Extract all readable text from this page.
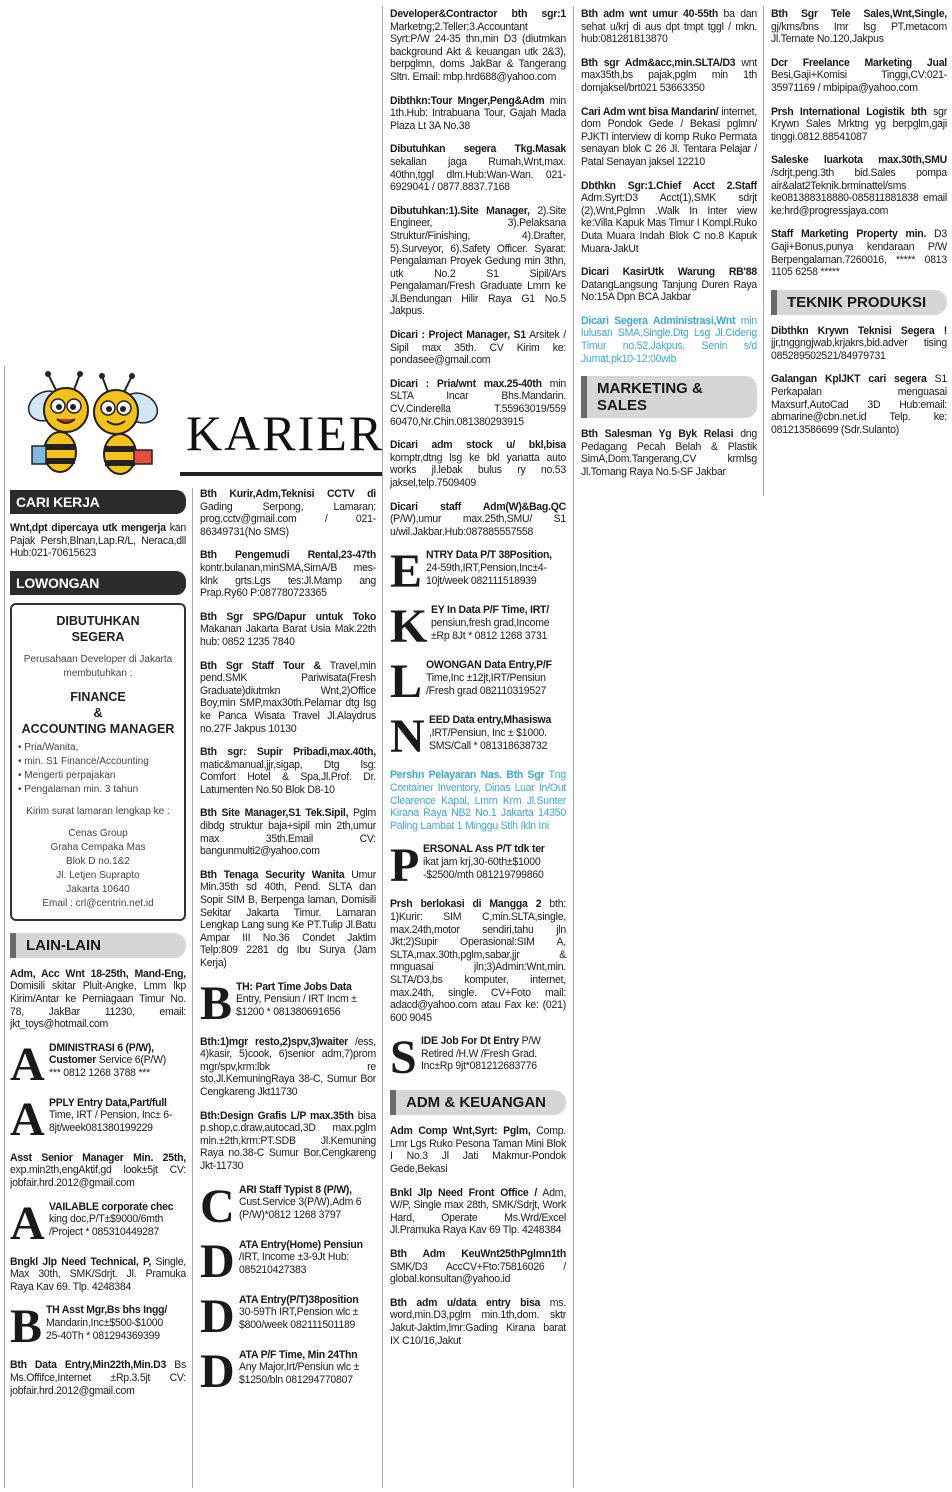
KARIER
CARI KERJA
Wnt,dpt dipercaya utk mengerja kan Pajak Persh,Blnan,Lap.R/L, Neraca,dll Hub:021-70615623
LOWONGAN
DIBUTUHKAN
SEGERA
Perusahaan Developer di Jakarta membutuhkan :
FINANCE
&
ACCOUNTING MANAGER
• Pria/Wanita,
• min. S1 Finance/Accounting
• Mengerti perpajakan
• Pengalaman min. 3 tahun
Kirim surat lamaran lengkap ke :
Cenas Group
Graha Cempaka Mas
Blok D no.1&2
Jl. Letjen Suprapto
Jakarta 10640
Email : crl@centrin.net.id
LAIN-LAIN
Adm, Acc Wnt 18-25th, Mand-Eng, Domisili skitar Pluit-Angke, Lmm lkp Kirim/Antar ke Perniagaan Timur No. 78, JakBar 11230, email: jkt_toys@hotmail.com
A DMINISTRASI 6 (P/W), Customer Service 6(P/W) *** 0812 1268 3788 ***
A PPLY Entry Data,Part/full Time, IRT / Pension, Inc± 6-8jt/week081380199229
Asst Senior Manager Min. 25th, exp.min2th,engAktif,gd look±5jt CV: jobfair.hrd.2012@gmail.com
A VAILABLE corporate chec king doc,P/T±$9000/6mth /Project * 085310449287
Bngkl Jlp Need Technical, P, Single, Max 30th, SMK/Sdrjt. Jl. Pramuka Raya Kav 69. Tlp. 4248384
B TH Asst Mgr,Bs bhs Ingg/ Mandarin,Inc±$500-$1000 25-40Th * 081294369399
Bth Data Entry,Min22th,Min.D3 Bs Ms.Offifce,Internet ±Rp.3.5jt CV: jobfair.hrd.2012@gmail.com
Bth Kurir,Adm,Teknisi CCTV di Gading Serpong, Lamaran: prog.cctv@gmail.com / 021-86349731(No SMS)
Bth Pengemudi Rental,23-47th kontr.bulanan,minSMA,SimA/B mes-klnk grts.Lgs tes:Jl.Mamp ang Prap.Ry60 P:087780723365
Bth Sgr SPG/Dapur untuk Toko Makanan Jakarta Barat Usia Mak.22th hub: 0852 1235 7840
Bth Sgr Staff Tour & Travel,min pend.SMK Pariwisata(Fresh Graduate)diutmkn Wnt,2)Office Boy,min SMP,max30th.Pelamar dtg lsg ke Panca Wisata Travel Jl.Alaydrus no.27F Jakpus 10130
Bth sgr: Supir Pribadi,max.40th, matic&manual,jjr,sigap, Dtg lsg: Comfort Hotel & Spa,Jl.Prof. Dr. Latumenten No.50 Blok D8-10
Bth Site Manager,S1 Tek.Sipil, Pglm dibdg struktur baja+sipil min 2th,umur max 35th.Email CV: bangunmulti2@yahoo.com
Bth Tenaga Security Wanita Umur Min.35th sd 40th, Pend. SLTA dan Sopir SIM B, Berpenga laman, Domisili Sekitar Jakarta Timur. Lamaran Lengkap Lang sung Ke PT.Tulip Jl.Batu Ampar III No.36 Condet Jaktim Telp:809 2281 dg Ibu Surya (Jam Kerja)
B TH: Part Time Jobs Data Entry, Pensiun / IRT Incm ±$1200 * 081380691656
Bth:1)mgr resto,2)spv,3)waiter /ess, 4)kasir, 5)cook, 6)senior adm,7)prom mgr/spv,krm:lbk re sto,Jl.KemuningRaya 38-C, Sumur Bor Cengkareng Jkt11730
Bth:Design Grafis L/P max.35th bisa p.shop,c.draw,autocad,3D max.pglm min.±2th,krm:PT.SDB Jl.Kemuning Raya no.38-C Sumur Bor,Cengkareng Jkt-11730
C ARI Staff Typist 8 (P/W), Cust.Service 3(P/W),Adm 6 (P/W)*0812 1268 3797
D ATA Entry(Home) Pensiun /IRT, Income ±3-9Jt Hub: 085210427383
D ATA Entry(P/T)38position 30-59Th IRT,Pension wlc ± $800/week 082111501189
D ATA P/F Time, Min 24Thn Any Major,Irt/Pensiun wlc ±$1250/bln 081294770807
Developer&Contractor bth sgr:1 Marketng;2.Teller;3.Accountant Syrt:P/W 24-35 thn,min D3 (diutmkan background Akt & keuangan utk 2&3), berpglmn, doms JakBar & Tangerang Sltn. Email: mbp.hrd688@yahoo.com
Dibthkn:Tour Mnger,Peng&Adm min 1th.Hub: Intrabuana Tour, Gajah Mada Plaza Lt 3A No.38
Dibutuhkan segera Tkg.Masak sekalian jaga Rumah,Wnt,max. 40thn,tggl dlm.Hub:Wan-Wan. 021-6929041 / 0877.8837.7168
Dibutuhkan:1).Site Manager, 2).Site Engineer, 3).Pelaksana Struktur/Finishing, 4).Drafter, 5).Surveyor, 6).Safety Officer. Syarat: Pengalaman Proyek Gedung min 3thn, utk No.2 S1 Sipil/Ars Pengalaman/Fresh Graduate Lmrn ke Jl.Bendungan Hilir Raya G1 No.5 Jakpus.
Dicari : Project Manager, S1 Arsitek / Sipil max 35th. CV Kirim ke: pondasee@gmail.com
Dicari : Pria/wnt max.25-40th min SLTA Incar Bhs.Mandarin. CV.Cinderella T.55963019/559 60470,Nr.Chin.081380293915
Dicari adm stock u/ bkl,bisa komptr,dtng lsg ke bkl yanatta auto works jl.lebak bulus ry no.53 jaksel,telp.7509409
Dicari staff Adm(W)&Bag.QC (P/W),umur max.25th,SMU/ S1 u/wil.Jakbar.Hub:087885557558
E NTRY Data P/T 38Position, 24-59th,IRT,Pension,Inc±4-10jt/week 082111518939
K EY In Data P/F Time, IRT/ pensiun,fresh grad,Income ±Rp 8Jt * 0812 1268 3731
L OWONGAN Data Entry,P/F Time,Inc ±12jt,IRT/Pensiun /Fresh grad 082110319527
N EED Data entry,Mhasiswa ,IRT/Pensiun, Inc ± $1000. SMS/Call * 081318638732
Pershn Pelayaran Nas. Bth Sgr Tng Container Inventory, Dinas Luar In/Out Clearence Kapal, Lmrn Krm Jl.Sunter Kirana Raya NB2 No.1 Jakarta 14350 Paling Lambat 1 Minggu Stlh Ikln Ini
P ERSONAL Ass P/T tdk ter ikat jam krj,30-60th±$1000 -$2500/mth 081219799860
Prsh berlokasi di Mangga 2 bth: 1)Kurir: SIM C,min.SLTA,single, max.24th,motor sendiri,tahu jln Jkt;2)Supir Operasional:SIM A, SLTA,max.30th,pglm,sabar,jjr & mnguasai jln;3)Admin:Wnt,min. SLTA/D3,bs komputer, internet, max.24th, single. CV+Foto mail: adacd@yahoo.com atau Fax ke: (021) 600 9045
S IDE Job For Dt Entry P/W Retired /H.W /Fresh Grad. Inc±Rp 9jt*081212683776
ADM & KEUANGAN
Adm Comp Wnt,Syrt: Pglm, Comp. Lmr Lgs Ruko Pesona Taman Mini Blok I No.3 Jl Jati Makmur-Pondok Gede,Bekasi
Bnkl Jlp Need Front Office / Adm, W/P, Single max 28th, SMK/Sdrjt, Work Hard, Operate Ms.Wrd/Excel Jl.Pramuka Raya Kav 69 Tlp. 4248384
Bth Adm KeuWnt25thPglmn1th SMK/D3 AccCV+Fto:75816026 / global.konsultan@yahoo.id
Bth adm u/data entry bisa ms. word,min.D3,pglm min.1th,dom. sktr Jakut-Jaktim,lmr:Gading Kirana barat IX C10/16,Jakut
Bth adm wnt umur 40-55th ba dan sehat u/krj di aus dpt tmpt tggl / mkn. hub:081281813870
Bth sgr Adm&acc,min.SLTA/D3 wnt max35th,bs pajak,pglm min 1th domjaksel/brt021 53663350
Cari Adm wnt bisa Mandarin/ internet, dom Pondok Gede / Bekasi pglmn/ PJKTI interview di komp Ruko Permata senayan blok C 26 Jl. Tentara Pelajar / Patal Senayan jaksel 12210
Dbthkn Sgr:1.Chief Acct 2.Staff Adm.Syrt:D3 Acct(1),SMK sdrjt (2),Wnt,Pglmn .Walk In Inter view ke:Villa Kapuk Mas Timur I Kompl.Ruko Duta Muara Indah Blok C no.8 Kapuk Muara-JakUt
Dicari KasirUtk Warung RB'88 DatangLangsung Tanjung Duren Raya No:15A Dpn BCA Jakbar
Dicari Segera Administrasi,Wnt min lulusan SMA,Single.Dtg Lsg Jl.Cideng Timur no.52,Jakpus, Senin s/d Jumat,pk10-12:00wib
MARKETING & SALES
Bth Salesman Yg Byk Relasi dng Pedagang Pecah Belah & Plastik SimA,Dom.Tangerang,CV krmlsg Jl.Tomang Raya No.5-SF Jakbar
Bth Sgr Tele Sales,Wnt,Single, gj/kms/bns Imr lsg PT.metacom Jl.Ternate No.120,Jakpus
Dcr Freelance Marketing Jual Besi,Gaji+Komisi Tinggi,CV:021-35971169 / mbipipa@yahoo.com
Prsh International Logistik bth sgr Krywn Sales Mrktng yg berpglm,gaji tinggi.0812.88541087
Saleske luarkota max.30th,SMU /sdrjt,peng.3th bid.Sales pompa air&alat2Teknik.brminattel/sms ke081388318880-085811881838 email ke:hrd@progressjaya.com
Staff Marketing Property min. D3 Gaji+Bonus,punya kendaraan P/W Berpengalaman.7260016, ***** 0813 1105 6258 *****
TEKNIK PRODUKSI
Dibthkn Krywn Teknisi Segera ! jjr,tnggngjwab,krjakrs,bid.adver tising 085289502521/84979731
Galangan KplJKT cari segera S1 Perkapalan menguasai Maxsurf,AutoCad 3D Hub:email: abmarine@cbn.net.id Telp. ke: 081213586699 (Sdr.Sulanto)
